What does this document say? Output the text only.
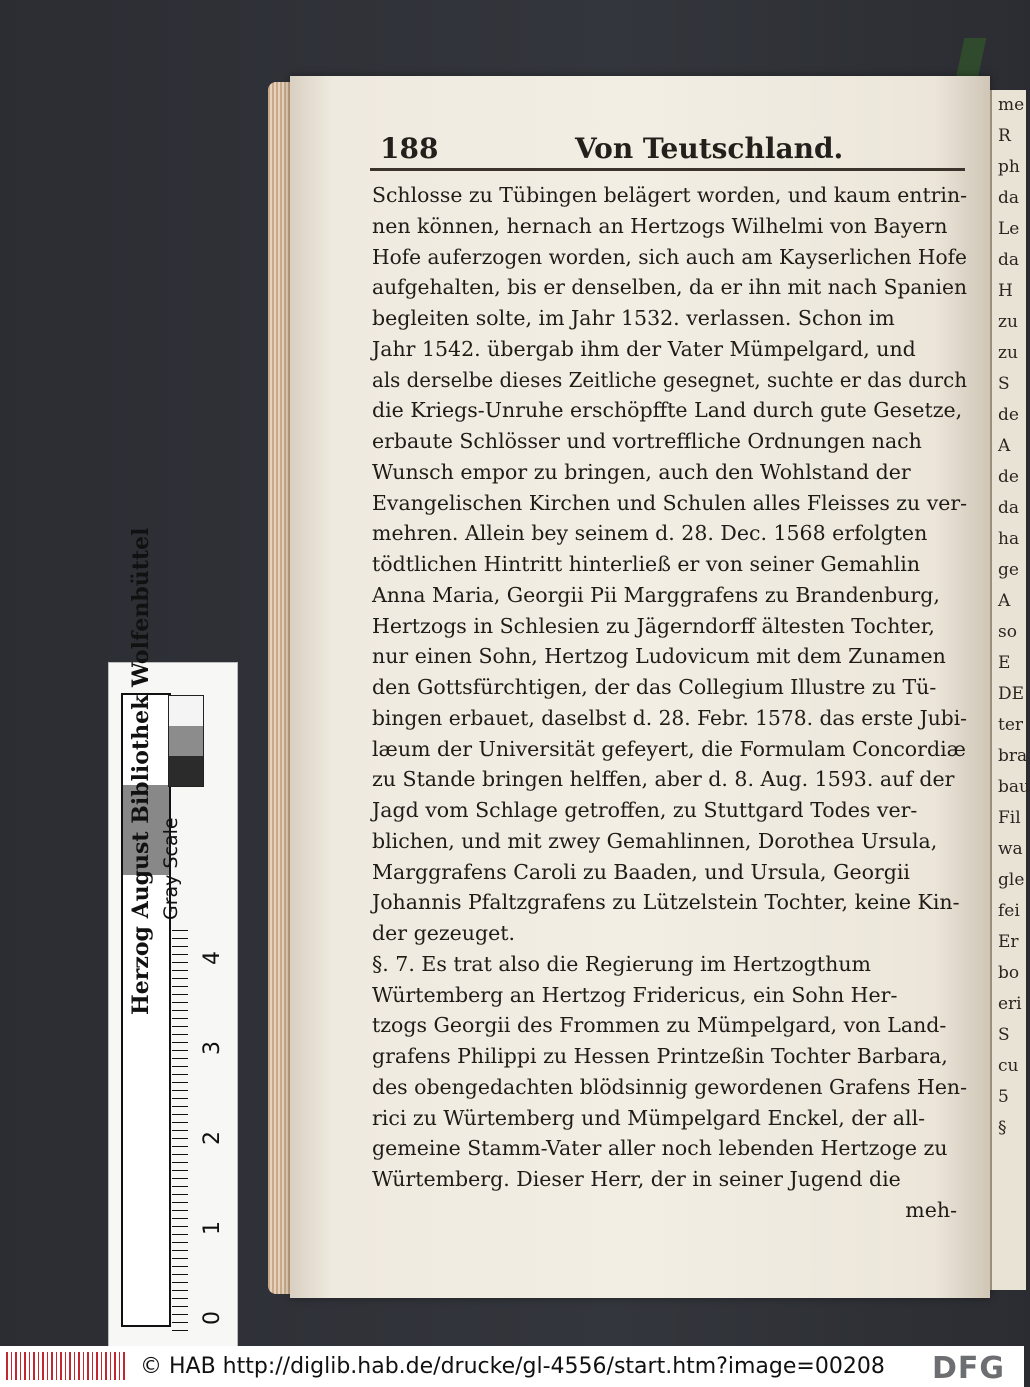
Herzog August Bibliothek Wolfenbüttel Gray Scale
0
1
2
3
4
me
R
ph
da
Le
da
H
zu
zu
S
de
A
de
da
ha
ge
A
so
E
DE
ter
bra
bau
Fil
wa
gle
fei
Er
bo
eri
S
cu
5
§
188	Von Teutschland.
Schlosse zu Tübingen belägert worden, und kaum entrin-
nen können, hernach an Hertzogs Wilhelmi von Bayern
Hofe auferzogen worden, sich auch am Kayserlichen Hofe
aufgehalten, bis er denselben, da er ihn mit nach Spanien
begleiten solte, im Jahr 1532. verlassen. Schon im
Jahr 1542. übergab ihm der Vater Mümpelgard, und
als derselbe dieses Zeitliche gesegnet, suchte er das durch
die Kriegs-Unruhe erschöpffte Land durch gute Gesetze,
erbaute Schlösser und vortreffliche Ordnungen nach
Wunsch empor zu bringen, auch den Wohlstand der
Evangelischen Kirchen und Schulen alles Fleisses zu ver-
mehren. Allein bey seinem d. 28. Dec. 1568 erfolgten
tödtlichen Hintritt hinterließ er von seiner Gemahlin
Anna Maria, Georgii Pii Marggrafens zu Brandenburg,
Hertzogs in Schlesien zu Jägerndorff ältesten Tochter,
nur einen Sohn, Hertzog Ludovicum mit dem Zunamen
den Gottsfürchtigen, der das Collegium Illustre zu Tü-
bingen erbauet, daselbst d. 28. Febr. 1578. das erste Jubi-
læum der Universität gefeyert, die Formulam Concordiæ
zu Stande bringen helffen, aber d. 8. Aug. 1593. auf der
Jagd vom Schlage getroffen, zu Stuttgard Todes ver-
blichen, und mit zwey Gemahlinnen, Dorothea Ursula,
Marggrafens Caroli zu Baaden, und Ursula, Georgii
Johannis Pfaltzgrafens zu Lützelstein Tochter, keine Kin-
der gezeuget.
§. 7. Es trat also die Regierung im Hertzogthum
Würtemberg an Hertzog Fridericus, ein Sohn Her-
tzogs Georgii des Frommen zu Mümpelgard, von Land-
grafens Philippi zu Hessen Printzeßin Tochter Barbara,
des obengedachten blödsinnig gewordenen Grafens Hen-
rici zu Würtemberg und Mümpelgard Enckel, der all-
gemeine Stamm-Vater aller noch lebenden Hertzoge zu
Würtemberg. Dieser Herr, der in seiner Jugend die
meh-
© HAB http://diglib.hab.de/drucke/gl-4556/start.htm?image=00208 DFG
